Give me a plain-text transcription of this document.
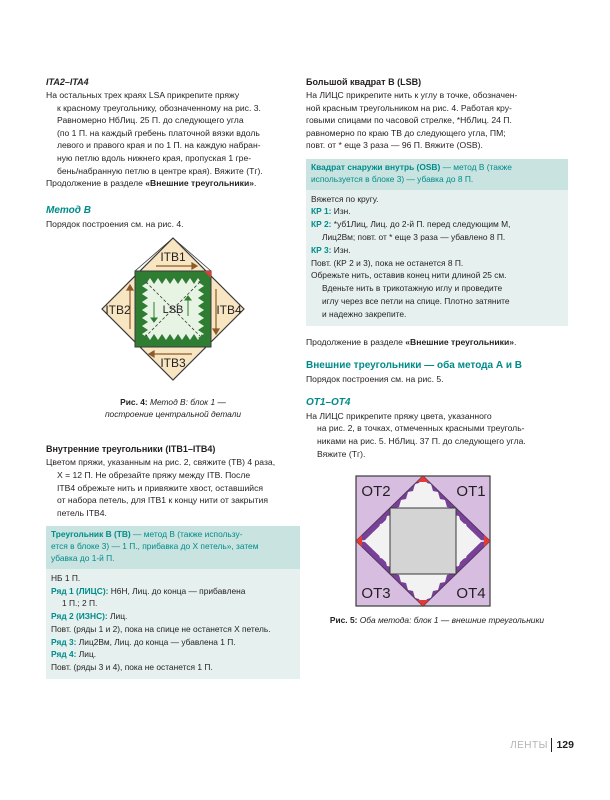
ITA2–ITA4

На остальных трех краях LSA прикрепите пряжу

к красному треугольнику, обозначенному на рис. 3.

Равномерно НбЛиц. 25 П. до следующего угла

(по 1 П. на каждый гребень платочной вязки вдоль

левого и правого края и по 1 П. на каждую набран-

ную петлю вдоль нижнего края, пропуская 1 гре-

бень/набранную петлю в центре края). Вяжите (Тг).

Продолжение в разделе «Внешние треугольники».

Метод В

Порядок построения см. на рис. 4.

ITB1
ITB2	ITB4
ITB3
LSB

Рис. 4: Метод В: блок 1 —

построение центральной детали

Внутренние треугольники (ITB1–ITB4)

Цветом пряжи, указанным на рис. 2, свяжите (ТВ) 4 раза,

X = 12 П. Не обрезайте пряжу между ITB. После

ITB4 обрежьте нить и привяжите хвост, оставшийся

от набора петель, для ITB1 к концу нити от закрытия

петель ITB4.

Треугольник В (ТВ) — метод В (также использу-

ется в блоке 3) — 1 П., прибавка до X петель», затем

убавка до 1-й П.

НБ 1 П.

Ряд 1 (ЛИЦС): Н6Н, Лиц. до конца — прибавлена

1 П.; 2 П.

Ряд 2 (ИЗНС): Лиц.

Повт. (ряды 1 и 2), пока на спице не останется X петель.

Ряд 3: Лиц2Вм, Лиц. до конца — убавлена 1 П.

Ряд 4: Лиц.

Повт. (ряды 3 и 4), пока не останется 1 П.

Большой квадрат В (LSB)

На ЛИЦС прикрепите нить к углу в точке, обозначен-

ной красным треугольником на рис. 4. Работая кру-

говыми спицами по часовой стрелке, *НбЛиц. 24 П.

равномерно по краю ТВ до следующего угла, ПМ;

повт. от * еще 3 раза — 96 П. Вяжите (OSB).

Квадрат снаружи внутрь (OSB) — метод В (также

используется в блоке 3) — убавка до 8 П.

Вяжется по кругу.

КР 1: Изн.

КР 2: *уб1Лиц, Лиц. до 2-й П. перед следующим М,

Лиц2Вм; повт. от * еще 3 раза — убавлено 8 П.

КР 3: Изн.

Повт. (КР 2 и 3), пока не останется 8 П.

Обрежьте нить, оставив конец нити длиной 25 см.

Вденьте нить в трикотажную иглу и проведите

иглу через все петли на спице. Плотно затяните

и надежно закрепите.

Продолжение в разделе «Внешние треугольники».

Внешние треугольники — оба метода А и В

Порядок построения см. на рис. 5.

ОТ1–ОТ4

На ЛИЦС прикрепите пряжу цвета, указанного

на рис. 2, в точках, отмеченных красными треуголь-

никами на рис. 5. НбЛиц. 37 П. до следующего угла.

Вяжите (Тг).

ОТ2	ОТ1
ОТ3	ОТ4

Рис. 5: Оба метода: блок 1 — внешние треугольники

ЛЕНТЫ 129
